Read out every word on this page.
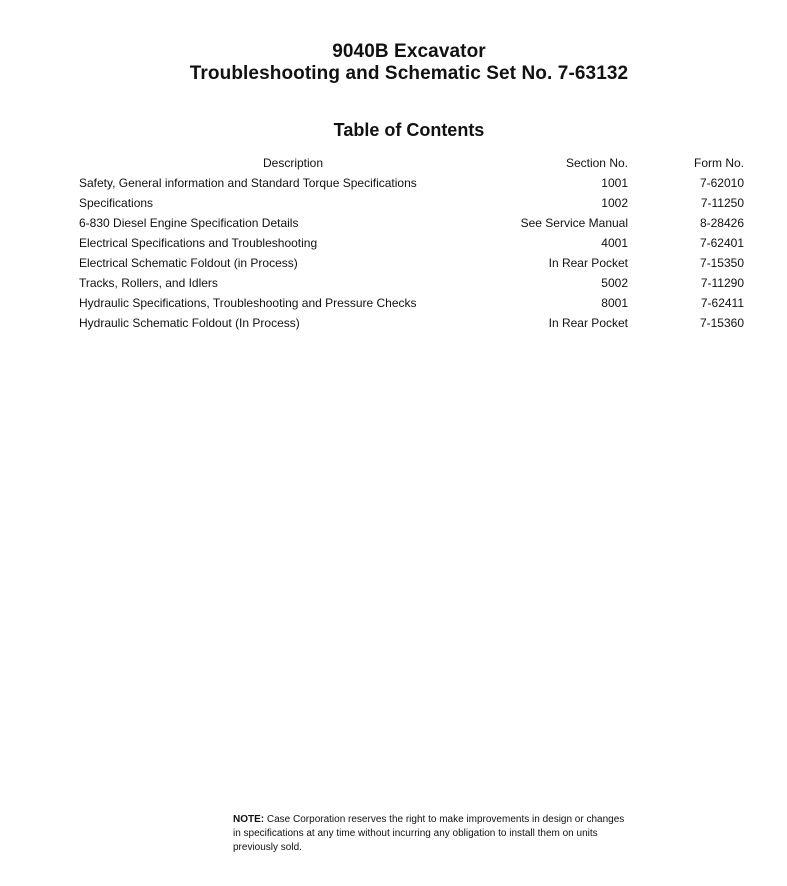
9040B Excavator
Troubleshooting and Schematic Set No. 7-63132
Table of Contents
Description	Section No.	Form No.
Safety, General information and Standard Torque Specifications	1001	7-62010
Specifications	1002	7-11250
6-830 Diesel Engine Specification Details	See Service Manual	8-28426
Electrical Specifications and Troubleshooting	4001	7-62401
Electrical Schematic Foldout (in Process)	In Rear Pocket	7-15350
Tracks, Rollers, and Idlers	5002	7-11290
Hydraulic Specifications, Troubleshooting and Pressure Checks	8001	7-62411
Hydraulic Schematic Foldout (In Process)	In Rear Pocket	7-15360
NOTE: Case Corporation reserves the right to make improvements in design or changes in specifications at any time without incurring any obligation to install them on units previously sold.
